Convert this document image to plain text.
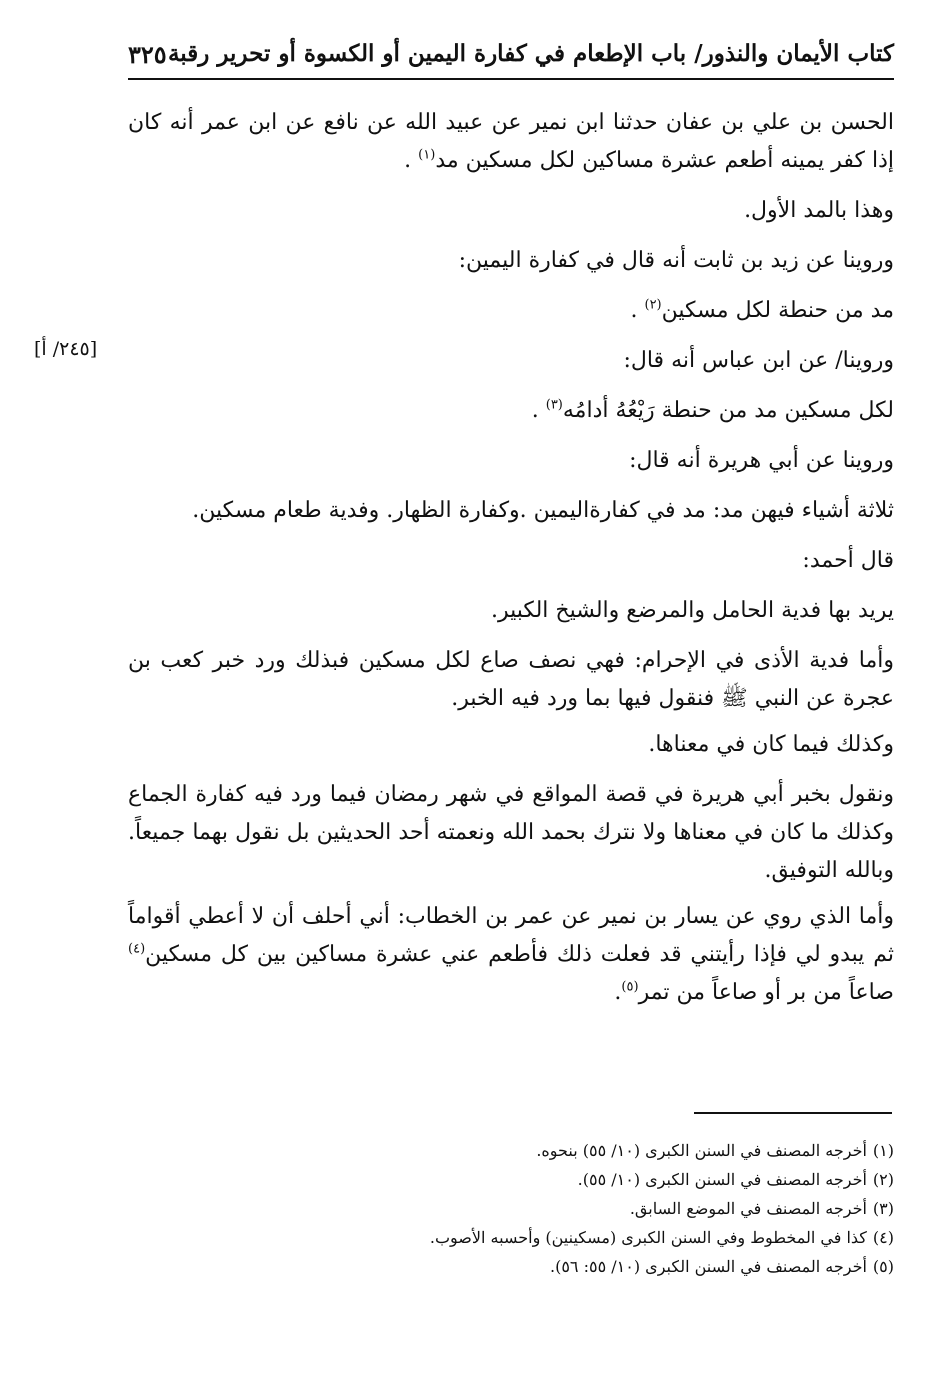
كتاب الأيمان والنذور/ باب الإطعام في كفارة اليمين أو الكسوة أو تحرير رقبة
٣٢٥
[٢٤٥/ أ]

الحسن بن علي بن عفان حدثنا ابن نمير عن عبيد الله عن نافع عن ابن عمر أنه كان إذا كفر يمينه أطعم عشرة مساكين لكل مسكين مد$^{(١)}$ .

وهذا بالمد الأول.

وروينا عن زيد بن ثابت أنه قال في كفارة اليمين:

مد من حنطة لكل مسكين$^{(٢)}$ .

وروينا/ عن ابن عباس أنه قال:

لكل مسكين مد من حنطة رَيْعُهُ أدامُه$^{(٣)}$ .

وروينا عن أبي هريرة أنه قال:

ثلاثة أشياء فيهن مد: مد في كفارةاليمين .وكفارة الظهار. وفدية طعام مسكين.

قال أحمد:

يريد بها فدية الحامل والمرضع والشيخ الكبير.

وأما فدية الأذى في الإحرام: فهي نصف صاع لكل مسكين فبذلك ورد خبر كعب بن عجرة عن النبي ﷺ فنقول فيها بما ورد فيه الخبر.

وكذلك فيما كان في معناها.

ونقول بخبر أبي هريرة في قصة المواقع في شهر رمضان فيما ورد فيه كفارة الجماع وكذلك ما كان في معناها ولا نترك بحمد الله ونعمته أحد الحديثين بل نقول بهما جميعاً. وبالله التوفيق.

وأما الذي روي عن يسار بن نمير عن عمر بن الخطاب: أني أحلف أن لا أعطي أقواماً ثم يبدو لي فإذا رأيتني قد فعلت ذلك فأطعم عني عشرة مساكين بين كل مسكين$^{(٤)}$ صاعاً من بر أو صاعاً من تمر$^{(٥)}$.

(١)أخرجه المصنف في السنن الكبرى (١٠/ ٥٥) بنحوه.
(٢)أخرجه المصنف في السنن الكبرى (١٠/ ٥٥).
(٣)أخرجه المصنف في الموضع السابق.
(٤)كذا في المخطوط وفي السنن الكبرى (مسكينين) وأحسبه الأصوب.
(٥)أخرجه المصنف في السنن الكبرى (١٠/ ٥٥: ٥٦).
